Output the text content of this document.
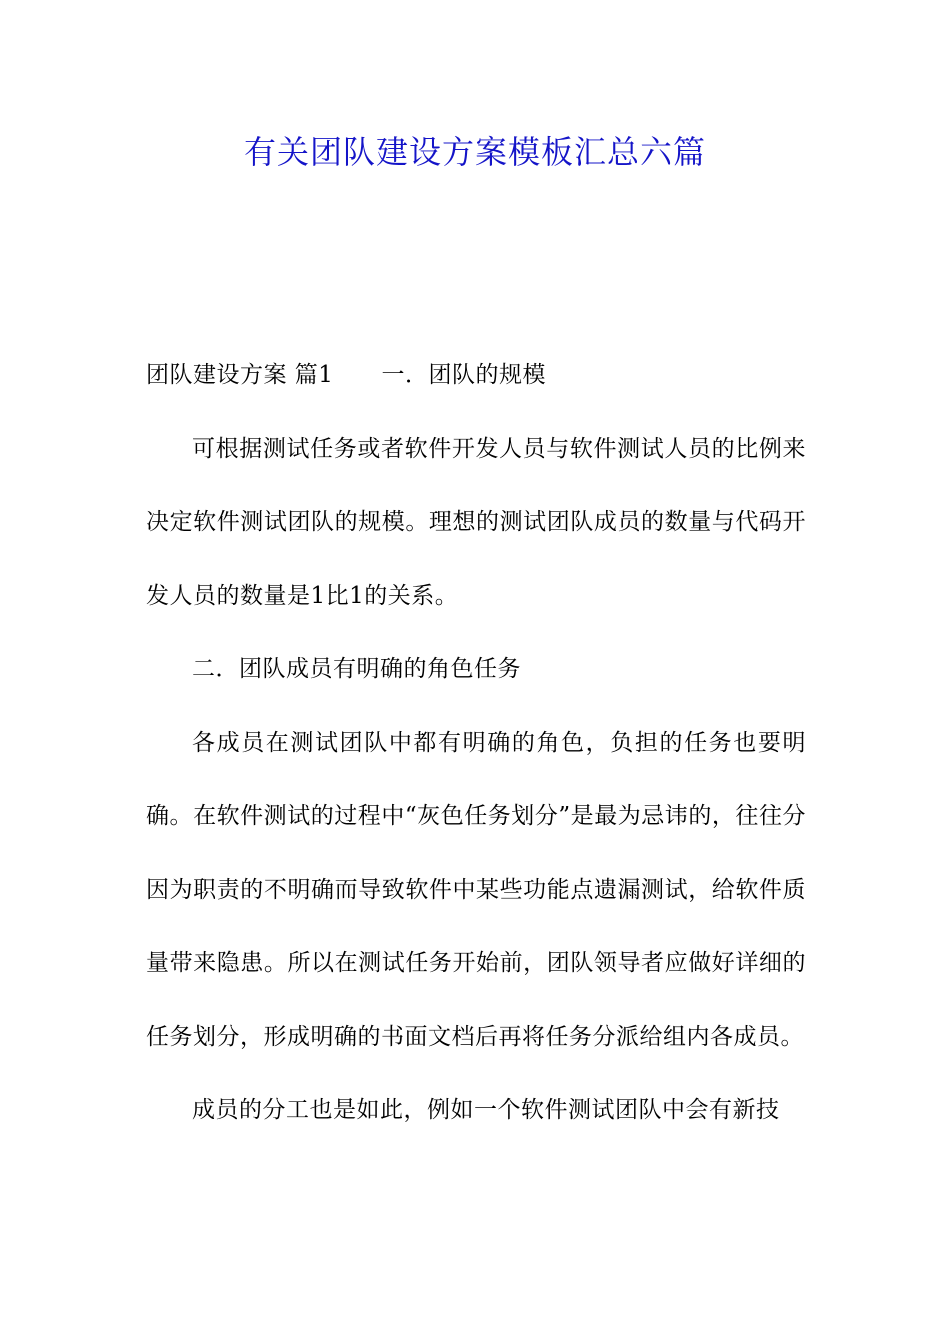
有关团队建设方案模板汇总六篇

团队建设方案 篇1 一．团队的规模

可根据测试任务或者软件开发人员与软件测试人员的比例来决定软件测试团队的规模。理想的测试团队成员的数量与代码开发人员的数量是1比1的关系。

二．团队成员有明确的角色任务

各成员在测试团队中都有明确的角色，负担的任务也要明确。在软件测试的过程中“灰色任务划分”是最为忌讳的，往往分因为职责的不明确而导致软件中某些功能点遗漏测试，给软件质量带来隐患。所以在测试任务开始前，团队领导者应做好详细的任务划分，形成明确的书面文档后再将任务分派给组内各成员。

成员的分工也是如此，例如一个软件测试团队中会有新技
